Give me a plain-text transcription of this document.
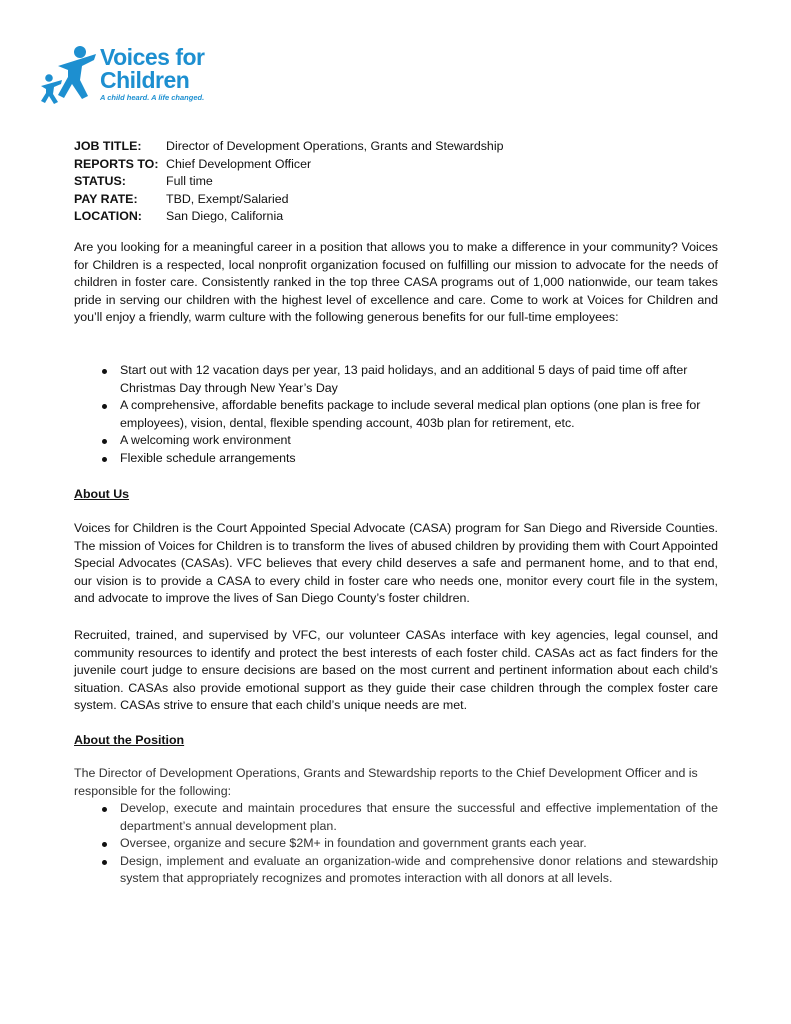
Voices for
Children
A child heard. A life changed.
JOB TITLE:	Director of Development Operations, Grants and Stewardship
REPORTS TO: Chief Development Officer
STATUS:	Full time
PAY RATE:	TBD, Exempt/Salaried
LOCATION:	San Diego, California
Are you looking for a meaningful career in a position that allows you to make a difference in your community? Voices for Children is a respected, local nonprofit organization focused on fulfilling our mission to advocate for the needs of children in foster care. Consistently ranked in the top three CASA programs out of 1,000 nationwide, our team takes pride in serving our children with the highest level of excellence and care. Come to work at Voices for Children and you’ll enjoy a friendly, warm culture with the following generous benefits for our full-time employees:
Start out with 12 vacation days per year, 13 paid holidays, and an additional 5 days of paid time off after Christmas Day through New Year’s Day
A comprehensive, affordable benefits package to include several medical plan options (one plan is free for employees), vision, dental, flexible spending account, 403b plan for retirement, etc.
A welcoming work environment
Flexible schedule arrangements
About Us
Voices for Children is the Court Appointed Special Advocate (CASA) program for San Diego and Riverside Counties. The mission of Voices for Children is to transform the lives of abused children by providing them with Court Appointed Special Advocates (CASAs). VFC believes that every child deserves a safe and permanent home, and to that end, our vision is to provide a CASA to every child in foster care who needs one, monitor every court file in the system, and advocate to improve the lives of San Diego County’s foster children.
Recruited, trained, and supervised by VFC, our volunteer CASAs interface with key agencies, legal counsel, and community resources to identify and protect the best interests of each foster child. CASAs act as fact finders for the juvenile court judge to ensure decisions are based on the most current and pertinent information about each child’s situation. CASAs also provide emotional support as they guide their case children through the complex foster care system. CASAs strive to ensure that each child’s unique needs are met.
About the Position
The Director of Development Operations, Grants and Stewardship reports to the Chief Development Officer and is responsible for the following:
Develop, execute and maintain procedures that ensure the successful and effective implementation of the department’s annual development plan.
Oversee, organize and secure $2M+ in foundation and government grants each year.
Design, implement and evaluate an organization-wide and comprehensive donor relations and stewardship system that appropriately recognizes and promotes interaction with all donors at all levels.
